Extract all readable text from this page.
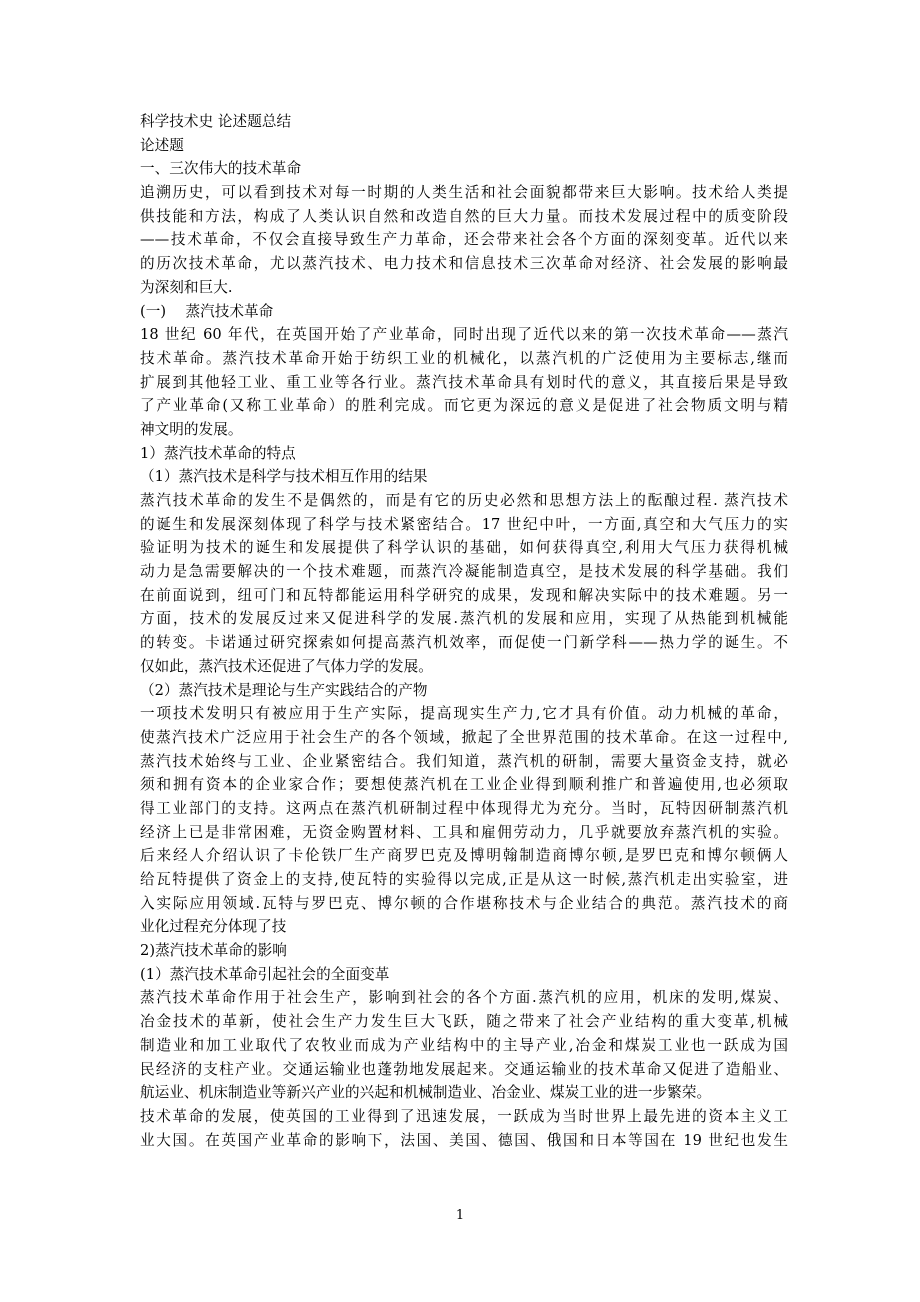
科学技术史 论述题总结
论述题
一、三次伟大的技术革命
追溯历史，可以看到技术对每一时期的人类生活和社会面貌都带来巨大影响。技术给人类提
供技能和方法，构成了人类认识自然和改造自然的巨大力量。而技术发展过程中的质变阶段
——技术革命，不仅会直接导致生产力革命，还会带来社会各个方面的深刻变革。近代以来
的历次技术革命，尤以蒸汽技术、电力技术和信息技术三次革命对经济、社会发展的影响最
为深刻和巨大.
(一)　 蒸汽技术革命
18 世纪 60 年代，在英国开始了产业革命，同时出现了近代以来的第一次技术革命——蒸汽
技术革命。蒸汽技术革命开始于纺织工业的机械化，以蒸汽机的广泛使用为主要标志,继而
扩展到其他轻工业、重工业等各行业。蒸汽技术革命具有划时代的意义，其直接后果是导致
了产业革命(又称工业革命）的胜利完成。而它更为深远的意义是促进了社会物质文明与精
神文明的发展。
1）蒸汽技术革命的特点
（1）蒸汽技术是科学与技术相互作用的结果
蒸汽技术革命的发生不是偶然的，而是有它的历史必然和思想方法上的酝酿过程. 蒸汽技术
的诞生和发展深刻体现了科学与技术紧密结合。17 世纪中叶，一方面,真空和大气压力的实
验证明为技术的诞生和发展提供了科学认识的基础，如何获得真空,利用大气压力获得机械
动力是急需要解决的一个技术难题，而蒸汽冷凝能制造真空，是技术发展的科学基础。我们
在前面说到，纽可门和瓦特都能运用科学研究的成果，发现和解决实际中的技术难题。另一
方面，技术的发展反过来又促进科学的发展.蒸汽机的发展和应用，实现了从热能到机械能
的转变。卡诺通过研究探索如何提高蒸汽机效率，而促使一门新学科——热力学的诞生。不
仅如此，蒸汽技术还促进了气体力学的发展。
（2）蒸汽技术是理论与生产实践结合的产物
一项技术发明只有被应用于生产实际，提高现实生产力,它才具有价值。动力机械的革命，
使蒸汽技术广泛应用于社会生产的各个领域，掀起了全世界范围的技术革命。在这一过程中,
蒸汽技术始终与工业、企业紧密结合。我们知道，蒸汽机的研制，需要大量资金支持，就必
须和拥有资本的企业家合作；要想使蒸汽机在工业企业得到顺利推广和普遍使用,也必须取
得工业部门的支持。这两点在蒸汽机研制过程中体现得尤为充分。当时，瓦特因研制蒸汽机
经济上已是非常困难，无资金购置材料、工具和雇佣劳动力，几乎就要放弃蒸汽机的实验。
后来经人介绍认识了卡伦铁厂生产商罗巴克及博明翰制造商博尔顿,是罗巴克和博尔顿俩人
给瓦特提供了资金上的支持,使瓦特的实验得以完成,正是从这一时候,蒸汽机走出实验室，进
入实际应用领域.瓦特与罗巴克、博尔顿的合作堪称技术与企业结合的典范。蒸汽技术的商
业化过程充分体现了技
2)蒸汽技术革命的影响
(1）蒸汽技术革命引起社会的全面变革
蒸汽技术革命作用于社会生产，影响到社会的各个方面.蒸汽机的应用，机床的发明,煤炭、
冶金技术的革新，使社会生产力发生巨大飞跃，随之带来了社会产业结构的重大变革,机械
制造业和加工业取代了农牧业而成为产业结构中的主导产业,冶金和煤炭工业也一跃成为国
民经济的支柱产业。交通运输业也蓬勃地发展起来。交通运输业的技术革命又促进了造船业、
航运业、机床制造业等新兴产业的兴起和机械制造业、冶金业、煤炭工业的进一步繁荣。
技术革命的发展，使英国的工业得到了迅速发展，一跃成为当时世界上最先进的资本主义工
业大国。在英国产业革命的影响下，法国、美国、德国、俄国和日本等国在 19 世纪也发生
1
